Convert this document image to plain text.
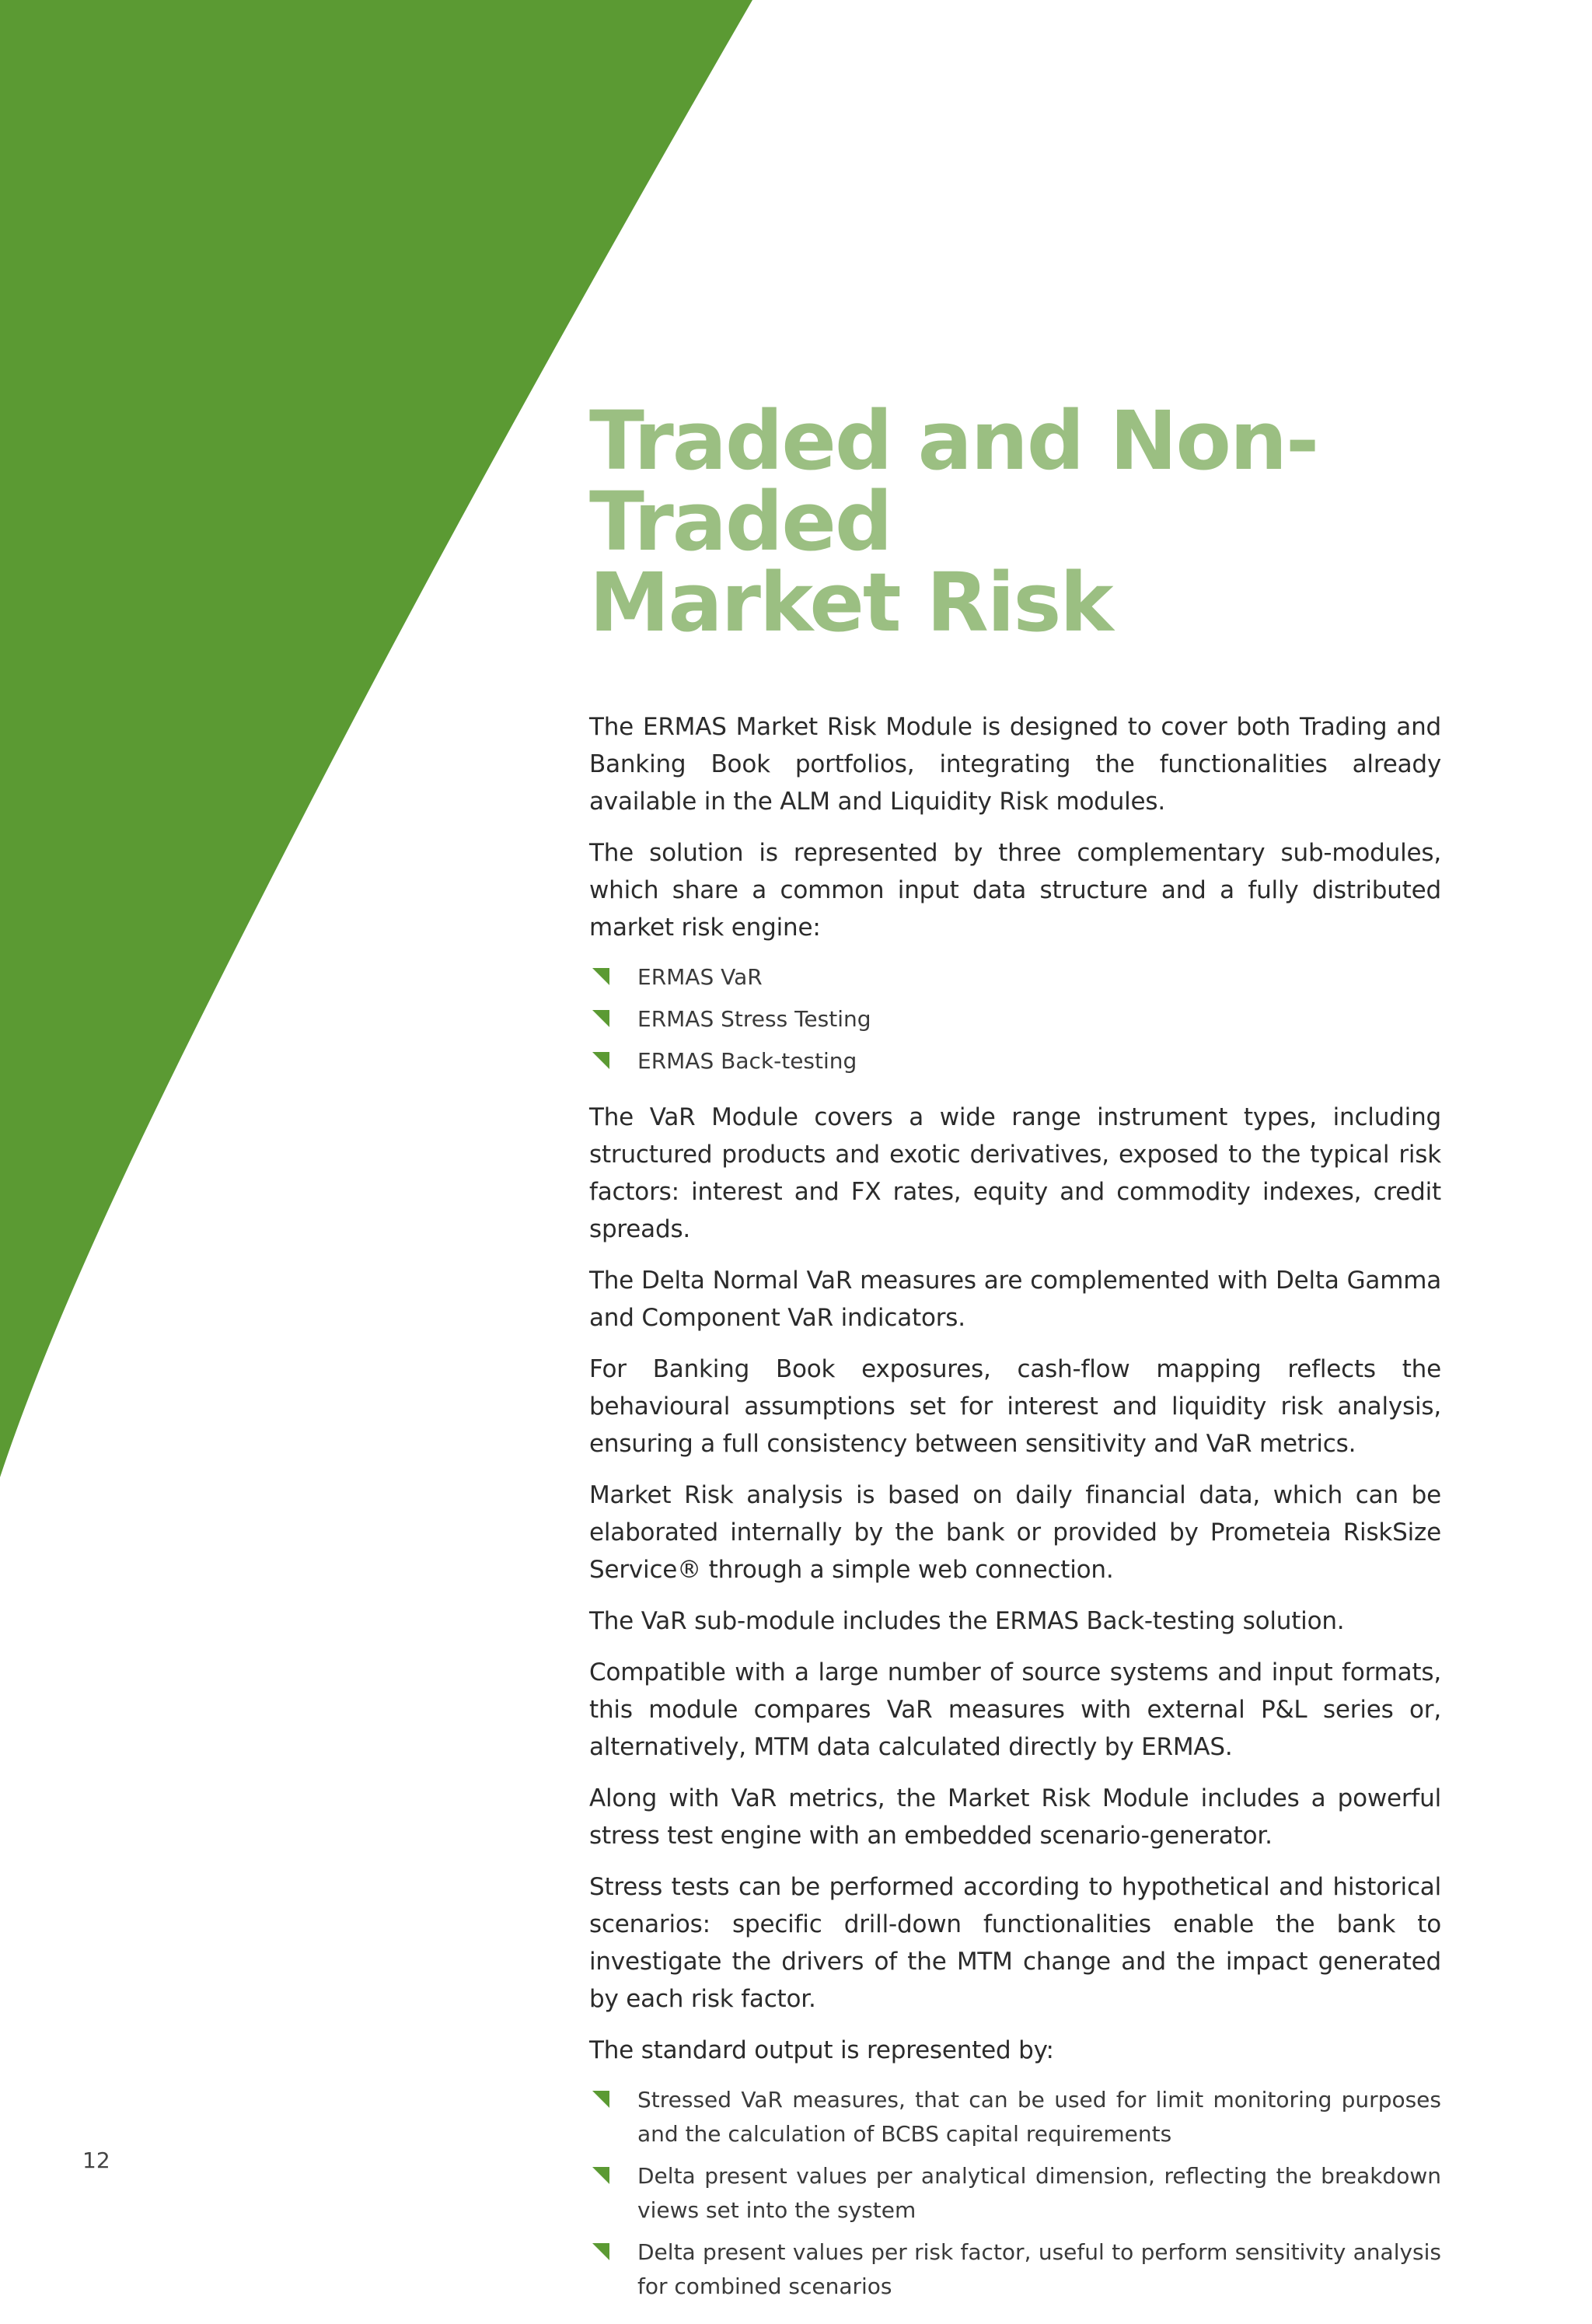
Traded and Non-Traded
Market Risk

The ERMAS Market Risk Module is designed to cover both Trading and Banking Book portfolios, integrating the functionalities already available in the ALM and Liquidity Risk modules.

The solution is represented by three complementary sub-modules, which share a common input data structure and a fully distributed market risk engine:

ERMAS VaR
ERMAS Stress Testing
ERMAS Back-testing

The VaR Module covers a wide range instrument types, including structured products and exotic derivatives, exposed to the typical risk factors: interest and FX rates, equity and commodity indexes, credit spreads.

The Delta Normal VaR measures are complemented with Delta Gamma and Component VaR indicators.

For Banking Book exposures, cash-flow mapping reflects the behavioural assumptions set for interest and liquidity risk analysis, ensuring a full consistency between sensitivity and VaR metrics.

Market Risk analysis is based on daily financial data, which can be elaborated internally by the bank or provided by Prometeia RiskSize Service® through a simple web connection.

The VaR sub-module includes the ERMAS Back-testing solution.

Compatible with a large number of source systems and input formats, this module compares VaR measures with external P&L series or, alternatively, MTM data calculated directly by ERMAS.

Along with VaR metrics, the Market Risk Module includes a powerful stress test engine with an embedded scenario-generator.

Stress tests can be performed according to hypothetical and historical scenarios: specific drill-down functionalities enable the bank to investigate the drivers of the MTM change and the impact generated by each risk factor.

The standard output is represented by:

Stressed VaR measures, that can be used for limit monitoring purposes and the calculation of BCBS capital requirements
Delta present values per analytical dimension, reflecting the breakdown views set into the system
Delta present values per risk factor, useful to perform sensitivity analysis for combined scenarios
12
